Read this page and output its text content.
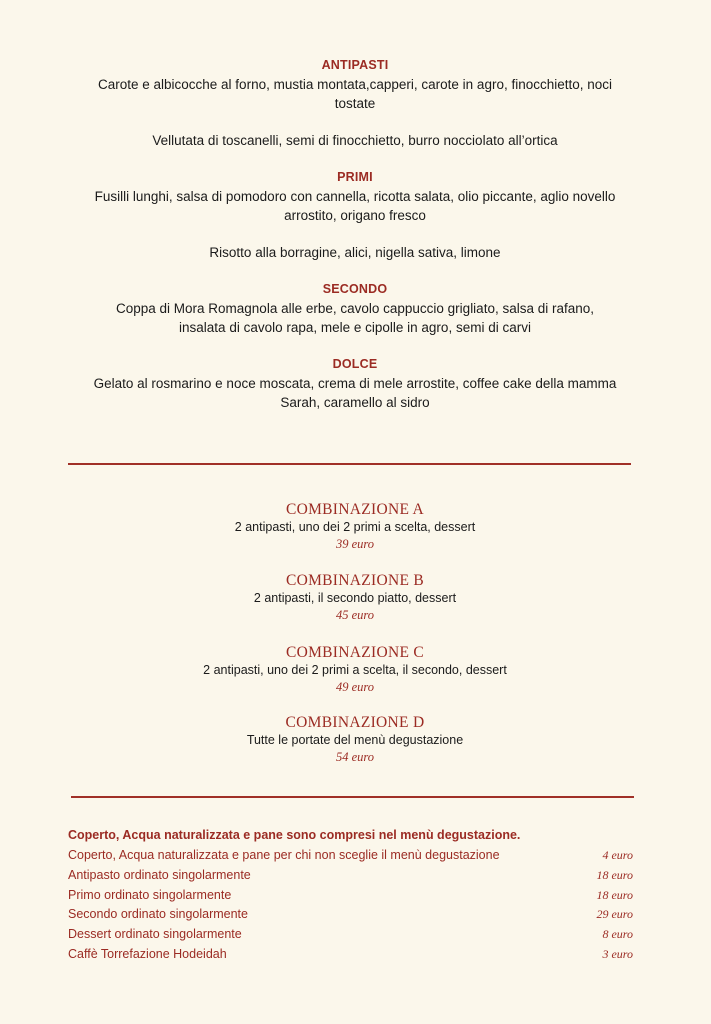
ANTIPASTI
Carote e albicocche al forno, mustia montata,capperi, carote in agro, finocchietto, noci
tostate
Vellutata di toscanelli, semi di finocchietto, burro nocciolato all’ortica
PRIMI
Fusilli lunghi, salsa di pomodoro con cannella, ricotta salata, olio piccante, aglio novello
arrostito, origano fresco
Risotto alla borragine, alici, nigella sativa, limone
SECONDO
Coppa di Mora Romagnola alle erbe, cavolo cappuccio grigliato, salsa di rafano,
insalata di cavolo rapa, mele e cipolle in agro, semi di carvi
DOLCE
Gelato al rosmarino e noce moscata, crema di mele arrostite, coffee cake della mamma
Sarah, caramello al sidro
COMBINAZIONE A
2 antipasti, uno dei 2 primi a scelta, dessert
39 euro
COMBINAZIONE B
2 antipasti, il secondo piatto, dessert
45 euro
COMBINAZIONE C
2 antipasti, uno dei 2 primi a scelta, il secondo, dessert
49 euro
COMBINAZIONE D
Tutte le portate del menù degustazione
54 euro
Coperto, Acqua naturalizzata e pane sono compresi nel menù degustazione.
Coperto, Acqua naturalizzata e pane per chi non sceglie il menù degustazione	4 euro
Antipasto ordinato singolarmente	18 euro
Primo ordinato singolarmente	18 euro
Secondo ordinato singolarmente	29 euro
Dessert ordinato singolarmente	8 euro
Caffè Torrefazione Hodeidah	3 euro
